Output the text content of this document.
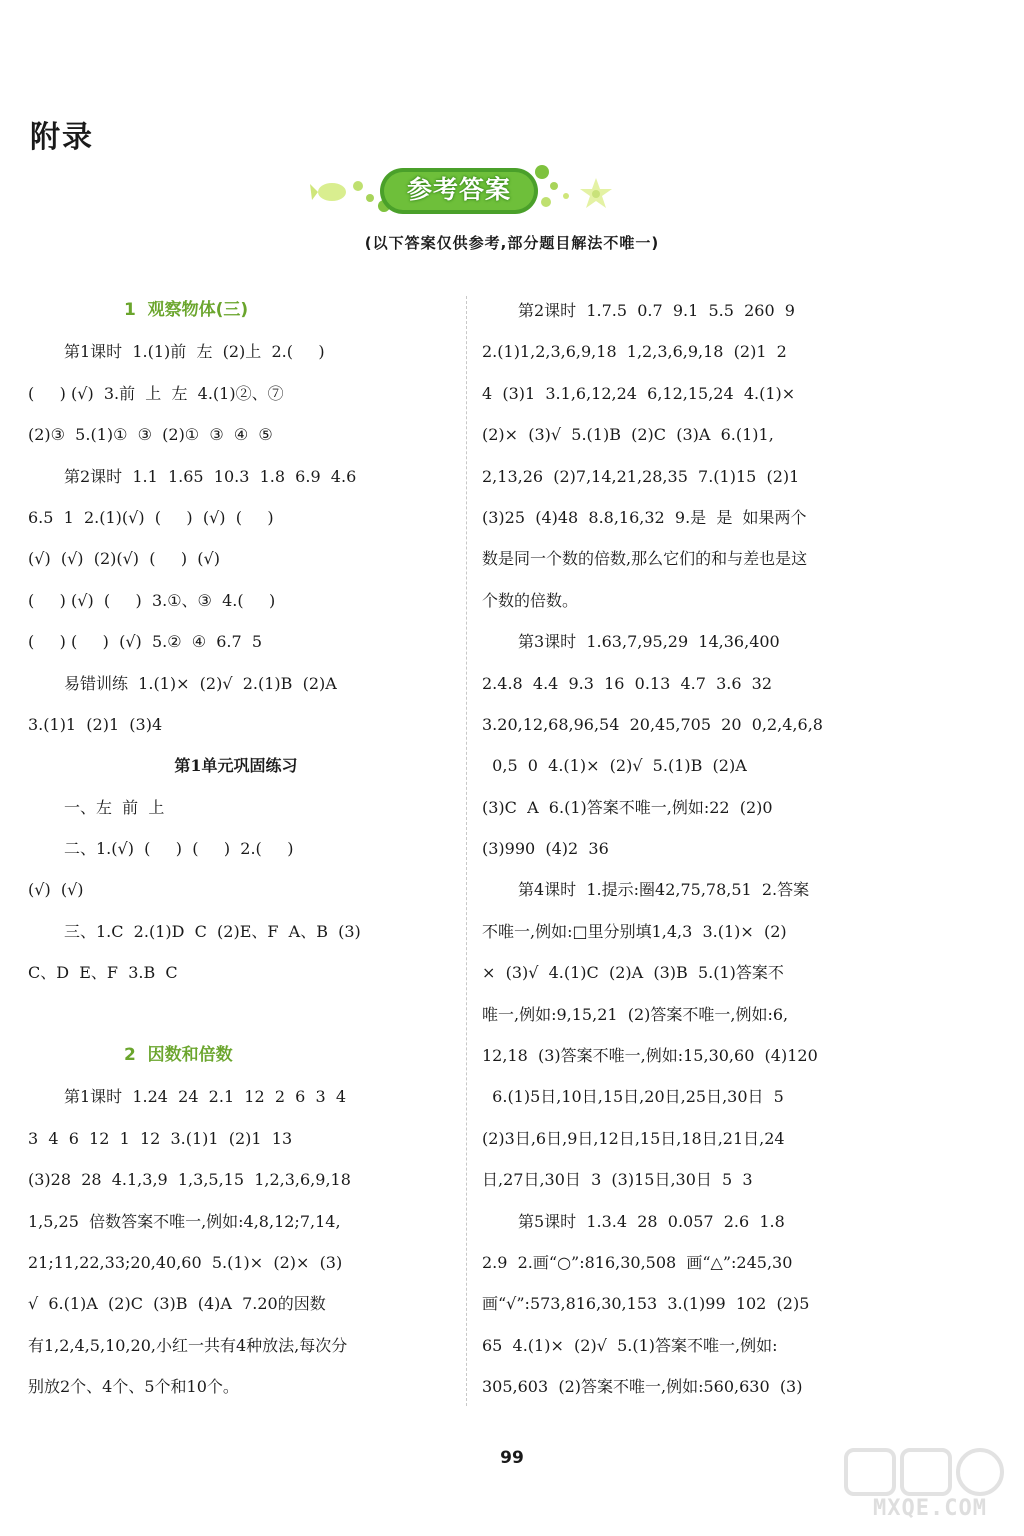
附录
参考答案
(以下答案仅供参考,部分题目解法不唯一)
1  观察物体(三)
第1课时  1.(1)前  左  (2)上  2.(     )
(     ) (√)  3.前  上  左  4.(1)②、⑦
(2)③  5.(1)①  ③  (2)①  ③  ④  ⑤
第2课时  1.1  1.65  10.3  1.8  6.9  4.6
6.5  1  2.(1)(√)  (     )  (√)  (     )
(√)  (√)  (2)(√)  (     )  (√)
(     ) (√)  (     )  3.①、③  4.(     )
(     ) (     )  (√)  5.②  ④  6.7  5
易错训练  1.(1)×  (2)√  2.(1)B  (2)A
3.(1)1  (2)1  (3)4
第1单元巩固练习
一、左  前  上
二、1.(√)  (     )  (     )  2.(     )
(√)  (√)
三、1.C  2.(1)D  C  (2)E、F  A、B  (3)
C、D  E、F  3.B  C
2  因数和倍数
第1课时  1.24  24  2.1  12  2  6  3  4
3  4  6  12  1  12  3.(1)1  (2)1  13
(3)28  28  4.1,3,9  1,3,5,15  1,2,3,6,9,18
1,5,25  倍数答案不唯一,例如:4,8,12;7,14,
21;11,22,33;20,40,60  5.(1)×  (2)×  (3)
√  6.(1)A  (2)C  (3)B  (4)A  7.20的因数
有1,2,4,5,10,20,小红一共有4种放法,每次分
别放2个、4个、5个和10个。
第2课时  1.7.5  0.7  9.1  5.5  260  9
2.(1)1,2,3,6,9,18  1,2,3,6,9,18  (2)1  2
4  (3)1  3.1,6,12,24  6,12,15,24  4.(1)×
(2)×  (3)√  5.(1)B  (2)C  (3)A  6.(1)1,
2,13,26  (2)7,14,21,28,35  7.(1)15  (2)1
(3)25  (4)48  8.8,16,32  9.是  是  如果两个
数是同一个数的倍数,那么它们的和与差也是这
个数的倍数。
第3课时  1.63,7,95,29  14,36,400
2.4.8  4.4  9.3  16  0.13  4.7  3.6  32
3.20,12,68,96,54  20,45,705  20  0,2,4,6,8
0,5  0  4.(1)×  (2)√  5.(1)B  (2)A
(3)C  A  6.(1)答案不唯一,例如:22  (2)0
(3)990  (4)2  36
第4课时  1.提示:圈42,75,78,51  2.答案
不唯一,例如:□里分别填1,4,3  3.(1)×  (2)
×  (3)√  4.(1)C  (2)A  (3)B  5.(1)答案不
唯一,例如:9,15,21  (2)答案不唯一,例如:6,
12,18  (3)答案不唯一,例如:15,30,60  (4)120
6.(1)5日,10日,15日,20日,25日,30日  5
(2)3日,6日,9日,12日,15日,18日,21日,24
日,27日,30日  3  (3)15日,30日  5  3
第5课时  1.3.4  28  0.057  2.6  1.8
2.9  2.画“○”:816,30,508  画“△”:245,30
画“√”:573,816,30,153  3.(1)99  102  (2)5
65  4.(1)×  (2)√  5.(1)答案不唯一,例如:
305,603  (2)答案不唯一,例如:560,630  (3)
99
MXQE.COM
